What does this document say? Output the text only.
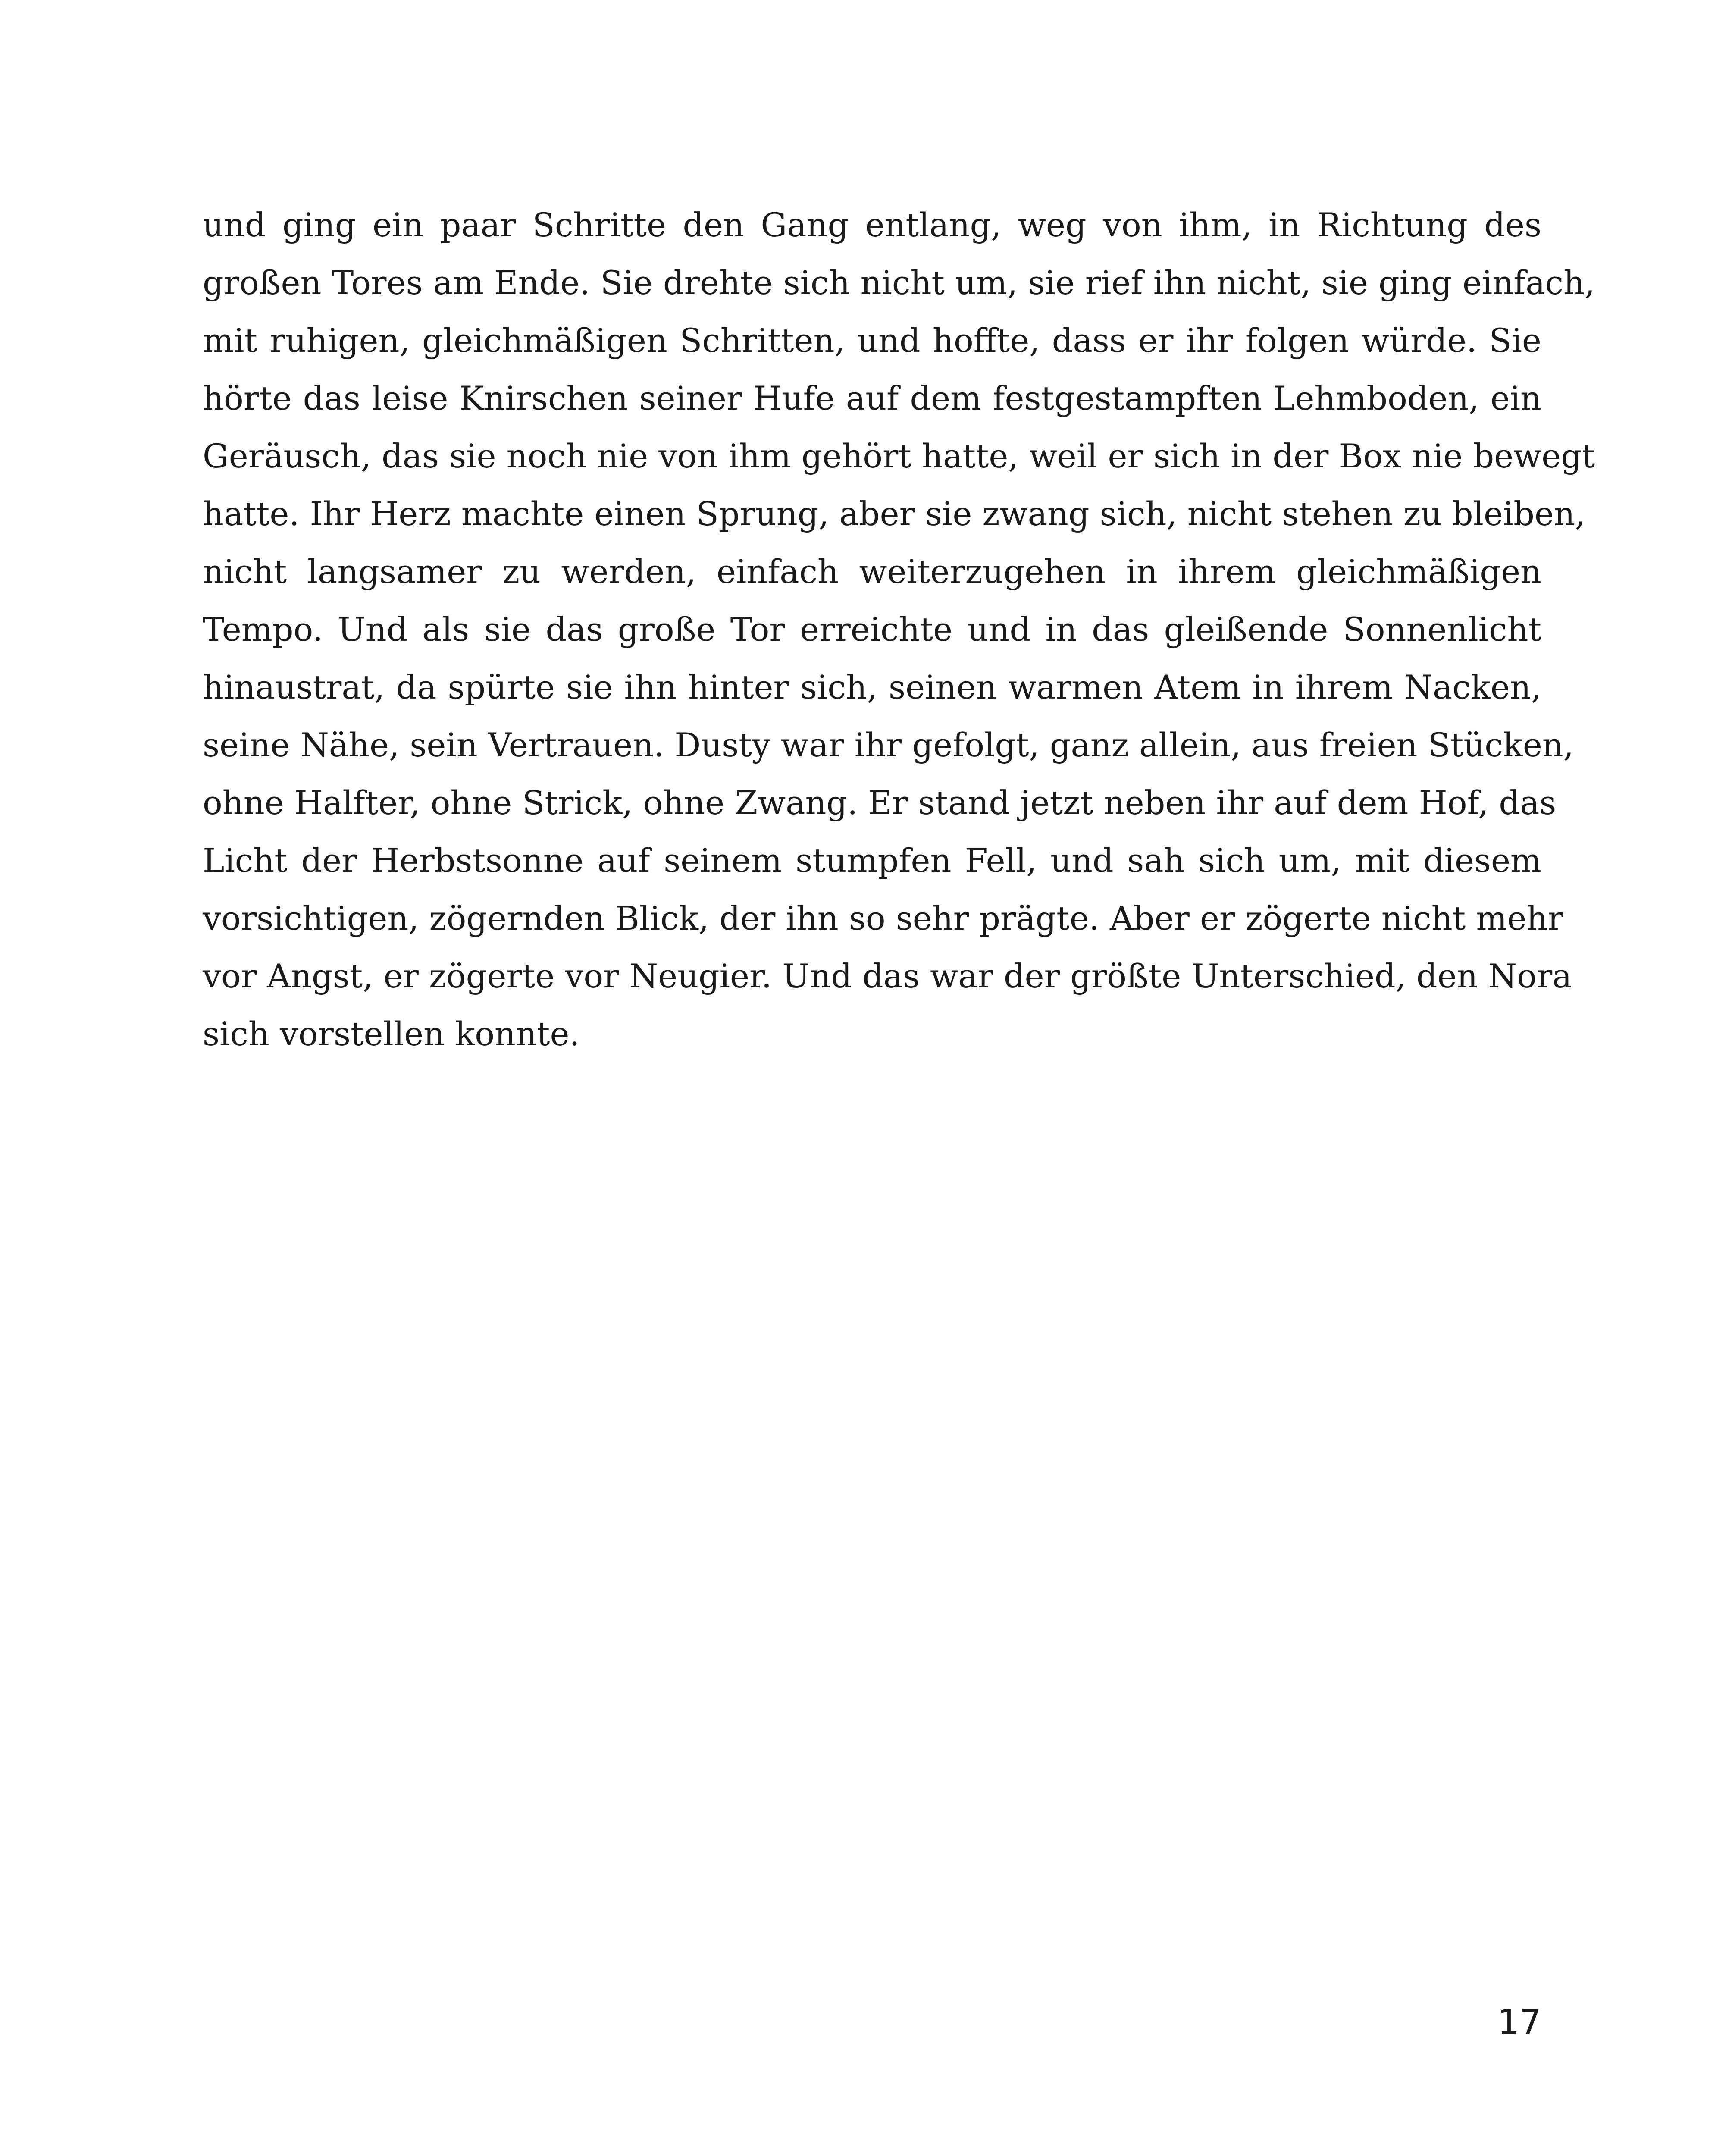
und ging ein paar Schritte den Gang entlang, weg von ihm, in Richtung des
großen Tores am Ende. Sie drehte sich nicht um, sie rief ihn nicht, sie ging einfach,
mit ruhigen, gleichmäßigen Schritten, und hoffte, dass er ihr folgen würde. Sie
hörte das leise Knirschen seiner Hufe auf dem festgestampften Lehmboden, ein
Geräusch, das sie noch nie von ihm gehört hatte, weil er sich in der Box nie bewegt
hatte. Ihr Herz machte einen Sprung, aber sie zwang sich, nicht stehen zu bleiben,
nicht langsamer zu werden, einfach weiterzugehen in ihrem gleichmäßigen
Tempo. Und als sie das große Tor erreichte und in das gleißende Sonnenlicht
hinaustrat, da spürte sie ihn hinter sich, seinen warmen Atem in ihrem Nacken,
seine Nähe, sein Vertrauen. Dusty war ihr gefolgt, ganz allein, aus freien Stücken,
ohne Halfter, ohne Strick, ohne Zwang. Er stand jetzt neben ihr auf dem Hof, das
Licht der Herbstsonne auf seinem stumpfen Fell, und sah sich um, mit diesem
vorsichtigen, zögernden Blick, der ihn so sehr prägte. Aber er zögerte nicht mehr
vor Angst, er zögerte vor Neugier. Und das war der größte Unterschied, den Nora
sich vorstellen konnte.
17
